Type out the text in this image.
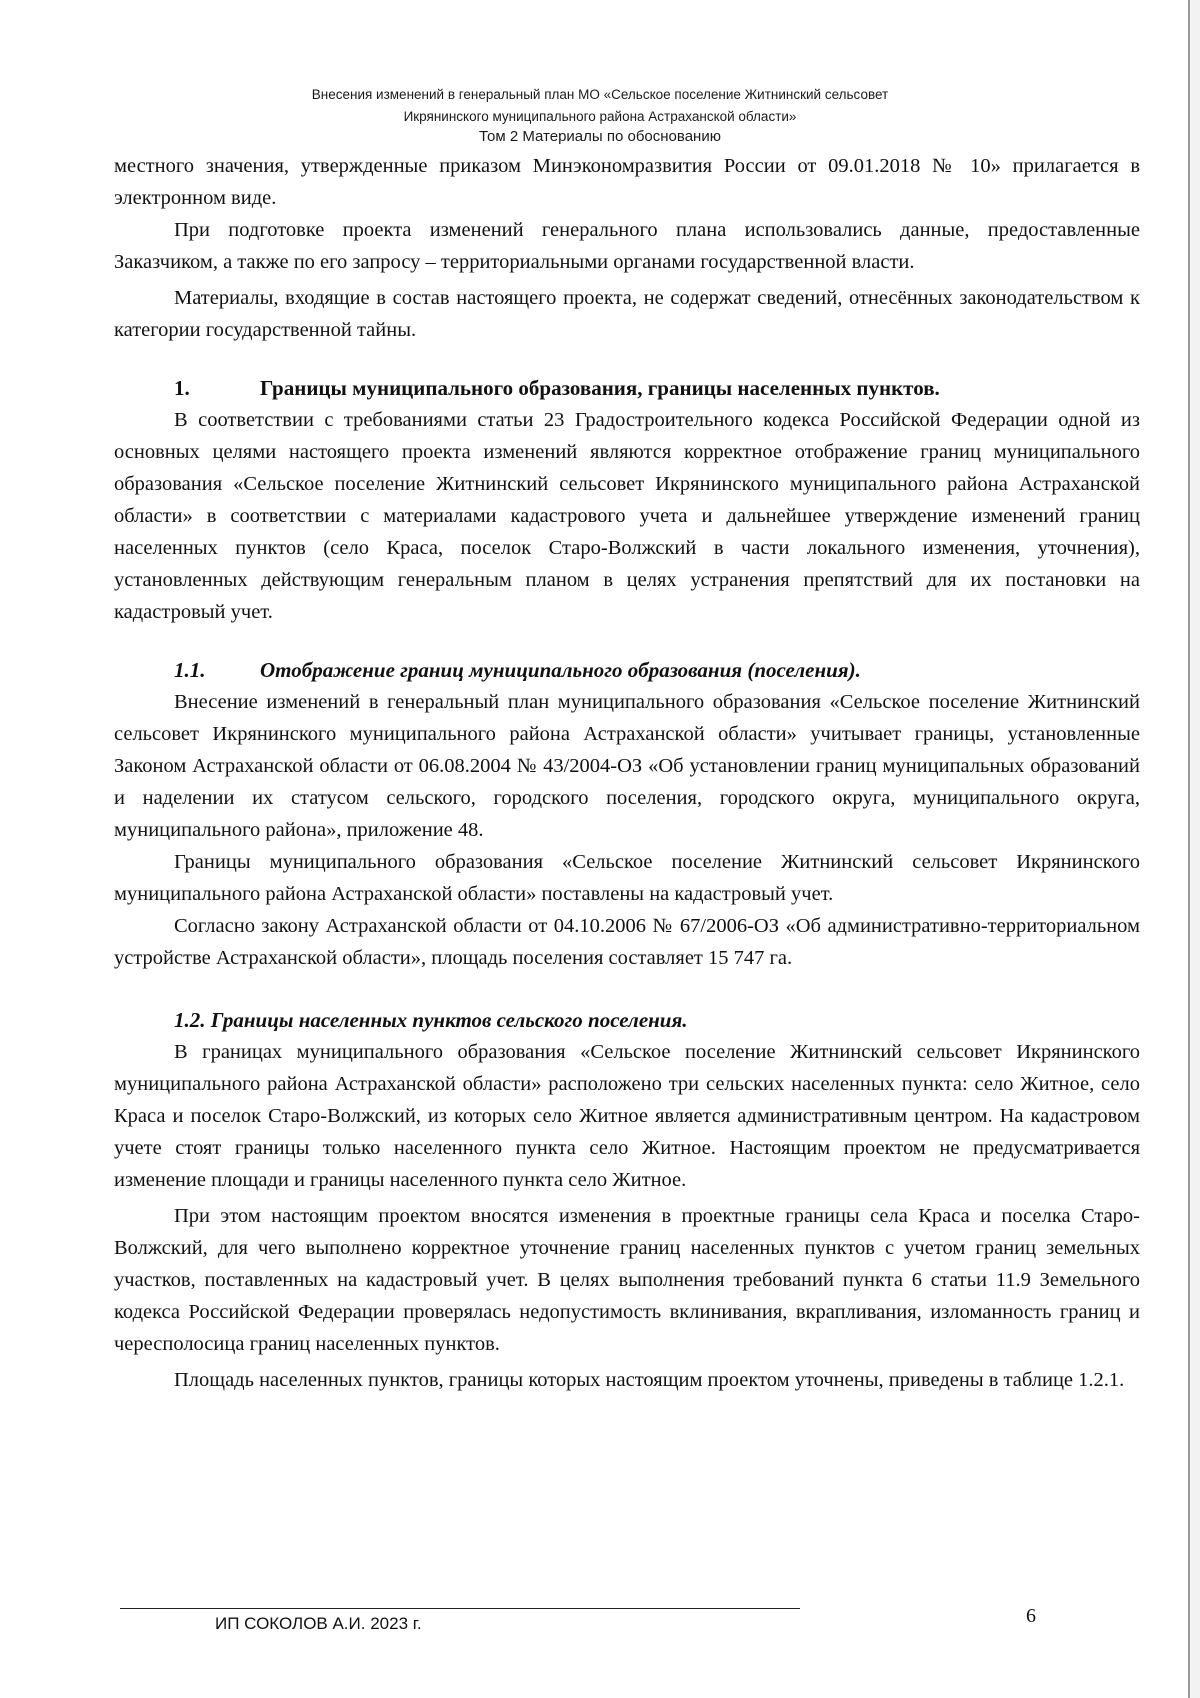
Внесения изменений в генеральный план МО «Сельское поселение Житнинский сельсовет
Икрянинского муниципального района Астраханской области»
Том 2 Материалы по обоснованию

местного значения, утвержденные приказом Минэкономразвития России от 09.01.2018 № 10» прилагается в электронном виде.

При подготовке проекта изменений генерального плана использовались данные, предоставленные Заказчиком, а также по его запросу – территориальными органами государственной власти.

Материалы, входящие в состав настоящего проекта, не содержат сведений, отнесённых законодательством к категории государственной тайны.

1.	Границы муниципального образования, границы населенных пунктов.

В соответствии с требованиями статьи 23 Градостроительного кодекса Российской Федерации одной из основных целями настоящего проекта изменений являются корректное отображение границ муниципального образования «Сельское поселение Житнинский сельсовет Икрянинского муниципального района Астраханской области» в соответствии с материалами кадастрового учета и дальнейшее утверждение изменений границ населенных пунктов (село Краса, поселок Старо-Волжский в части локального изменения, уточнения), установленных действующим генеральным планом в целях устранения препятствий для их постановки на кадастровый учет.

1.1.	Отображение границ муниципального образования (поселения).

Внесение изменений в генеральный план муниципального образования «Сельское поселение Житнинский сельсовет Икрянинского муниципального района Астраханской области» учитывает границы, установленные Законом Астраханской области от 06.08.2004 № 43/2004-ОЗ «Об установлении границ муниципальных образований и наделении их статусом сельского, городского поселения, городского округа, муниципального округа, муниципального района», приложение 48.

Границы муниципального образования «Сельское поселение Житнинский сельсовет Икрянинского муниципального района Астраханской области» поставлены на кадастровый учет.

Согласно закону Астраханской области от 04.10.2006 № 67/2006-ОЗ «Об административно-территориальном устройстве Астраханской области», площадь поселения составляет 15 747 га.

1.2. Границы населенных пунктов сельского поселения.

В границах муниципального образования «Сельское поселение Житнинский сельсовет Икрянинского муниципального района Астраханской области» расположено три сельских населенных пункта: село Житное, село Краса и поселок Старо-Волжский, из которых село Житное является административным центром. На кадастровом учете стоят границы только населенного пункта село Житное. Настоящим проектом не предусматривается изменение площади и границы населенного пункта село Житное.

При этом настоящим проектом вносятся изменения в проектные границы села Краса и поселка Старо-Волжский, для чего выполнено корректное уточнение границ населенных пунктов с учетом границ земельных участков, поставленных на кадастровый учет. В целях выполнения требований пункта 6 статьи 11.9 Земельного кодекса Российской Федерации проверялась недопустимость вклинивания, вкрапливания, изломанность границ и чересполосица границ населенных пунктов.

Площадь населенных пунктов, границы которых настоящим проектом уточнены, приведены в таблице 1.2.1.

ИП СОКОЛОВ А.И. 2023 г.	6
